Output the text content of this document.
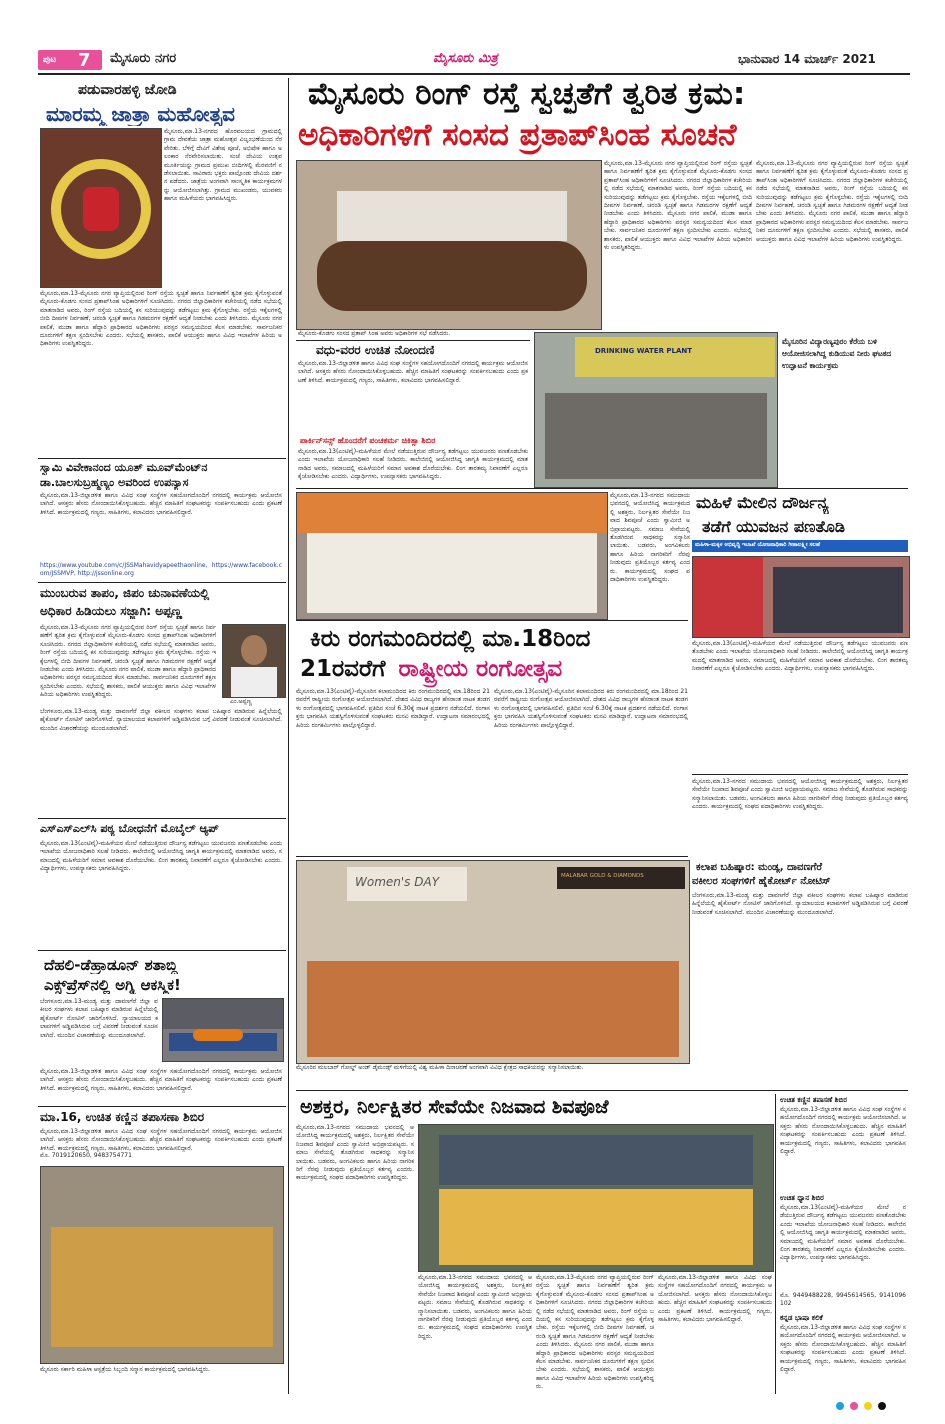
ಪುಟ 7 ಮೈಸೂರು ನಗರ	ಮೈಸೂರು ಮಿತ್ರ	ಭಾನುವಾರ 14 ಮಾರ್ಚ್ 2021
ಪಡುವಾರಹಳ್ಳಿ ಜೋಡಿ
ಮಾರಮ್ಮ ಜಾತ್ರಾ ಮಹೋತ್ಸವ
ಮೈಸೂರು,ಮಾ.13-ನಗರದ ಹೊರವಲಯದ ಗ್ರಾಮದಲ್ಲಿ ಗ್ರಾಮ ದೇವತೆಯ ಜಾತ್ರಾ ಮಹೋತ್ಸವ ವಿಜೃಂಭಣೆಯಿಂದ ನೆರವೇರಿತು. ಬೆಳಿಗ್ಗೆ ದೇವಿಗೆ ವಿಶೇಷ ಪೂಜೆ, ಅಭಿಷೇಕ ಹಾಗೂ ಅಲಂಕಾರ ನೆರವೇರಿಸಲಾಯಿತು. ಸಂಜೆ ದೇವಿಯ ಉತ್ಸವ ಮೂರ್ತಿಯನ್ನು ಗ್ರಾಮದ ಪ್ರಮುಖ ಬೀದಿಗಳಲ್ಲಿ ಮೆರವಣಿಗೆ ನಡೆಸಲಾಯಿತು. ಸಾವಿರಾರು ಭಕ್ತರು ಪಾಲ್ಗೊಂಡು ದೇವಿಯ ದರ್ಶನ ಪಡೆದರು. ಜಾತ್ರೆಯ ಅಂಗವಾಗಿ ಸಾಂಸ್ಕೃತಿಕ ಕಾರ್ಯಕ್ರಮಗಳನ್ನು ಆಯೋಜಿಸಲಾಗಿತ್ತು. ಗ್ರಾಮದ ಮುಖಂಡರು, ಯುವಕರು ಹಾಗೂ ಮಹಿಳೆಯರು ಭಾಗವಹಿಸಿದ್ದರು.
ಮೈಸೂರು,ಮಾ.13-ಮೈಸೂರು ನಗರ ವ್ಯಾಪ್ತಿಯಲ್ಲಿರುವ ರಿಂಗ್ ರಸ್ತೆಯ ಸ್ವಚ್ಛತೆ ಹಾಗೂ ನಿರ್ವಹಣೆಗೆ ತ್ವರಿತ ಕ್ರಮ ಕೈಗೊಳ್ಳುವಂತೆ ಮೈಸೂರು-ಕೊಡಗು ಸಂಸದ ಪ್ರತಾಪ್‌ಸಿಂಹ ಅಧಿಕಾರಿಗಳಿಗೆ ಸೂಚಿಸಿದರು. ನಗರದ ಜಿಲ್ಲಾಧಿಕಾರಿಗಳ ಕಚೇರಿಯಲ್ಲಿ ನಡೆದ ಸಭೆಯಲ್ಲಿ ಮಾತನಾಡಿದ ಅವರು, ರಿಂಗ್ ರಸ್ತೆಯ ಬದಿಯಲ್ಲಿ ಕಸ ಸುರಿಯುವುದನ್ನು ತಡೆಗಟ್ಟಲು ಕ್ರಮ ಕೈಗೊಳ್ಳಬೇಕು. ರಸ್ತೆಯ ಇಕ್ಕೆಲಗಳಲ್ಲಿ ಬೀದಿ ದೀಪಗಳ ನಿರ್ವಹಣೆ, ಚರಂಡಿ ಸ್ವಚ್ಛತೆ ಹಾಗೂ ಗಿಡಮರಗಳ ರಕ್ಷಣೆಗೆ ಆದ್ಯತೆ ನೀಡಬೇಕು ಎಂದು ತಿಳಿಸಿದರು. ಮೈಸೂರು ನಗರ ಪಾಲಿಕೆ, ಮುಡಾ ಹಾಗೂ ಹೆದ್ದಾರಿ ಪ್ರಾಧಿಕಾರದ ಅಧಿಕಾರಿಗಳು ಪರಸ್ಪರ ಸಮನ್ವಯದಿಂದ ಕೆಲಸ ಮಾಡಬೇಕು. ಸಾರ್ವಜನಿಕರ ದೂರುಗಳಿಗೆ ತಕ್ಷಣ ಸ್ಪಂದಿಸಬೇಕು ಎಂದರು. ಸಭೆಯಲ್ಲಿ ಶಾಸಕರು, ಪಾಲಿಕೆ ಆಯುಕ್ತರು ಹಾಗೂ ವಿವಿಧ ಇಲಾಖೆಗಳ ಹಿರಿಯ ಅಧಿಕಾರಿಗಳು ಉಪಸ್ಥಿತರಿದ್ದರು.
ಸ್ವಾಮಿ ವಿವೇಕಾನಂದ ಯೂತ್ ಮೂವ್‌ಮೆಂಟ್‌ನ
ಡಾ.ಬಾಲಸುಬ್ರಹ್ಮಣ್ಯಂ ಅವರಿಂದ ಉಪನ್ಯಾಸ
ಮೈಸೂರು,ಮಾ.13-ಜಿಲ್ಲಾಡಳಿತ ಹಾಗೂ ವಿವಿಧ ಸಂಘ ಸಂಸ್ಥೆಗಳ ಸಹಯೋಗದೊಂದಿಗೆ ನಗರದಲ್ಲಿ ಕಾರ್ಯಕ್ರಮ ಆಯೋಜಿಸಲಾಗಿದೆ. ಆಸಕ್ತರು ಹೆಸರು ನೋಂದಾಯಿಸಿಕೊಳ್ಳಬಹುದು. ಹೆಚ್ಚಿನ ಮಾಹಿತಿಗೆ ಸಂಘಟಕರನ್ನು ಸಂಪರ್ಕಿಸಬಹುದು ಎಂದು ಪ್ರಕಟಣೆ ತಿಳಿಸಿದೆ. ಕಾರ್ಯಕ್ರಮದಲ್ಲಿ ಗಣ್ಯರು, ಸಾಹಿತಿಗಳು, ಕಲಾವಿದರು ಭಾಗವಹಿಸಲಿದ್ದಾರೆ.
https://www.youtube.com/c/JSSMahavidyapeethaonline, https://www.facebook.com/JSSMVP, http://jssonline.org
ಮುಂಬರುವ ತಾಪಂ, ಜಿಪಂ ಚುನಾವಣೆಯಲ್ಲಿ
ಅಧಿಕಾರ ಹಿಡಿಯಲು ಸಜ್ಜಾಗಿ: ಅಪ್ಪಣ್ಣ
ಮೈಸೂರು,ಮಾ.13-ಮೈಸೂರು ನಗರ ವ್ಯಾಪ್ತಿಯಲ್ಲಿರುವ ರಿಂಗ್ ರಸ್ತೆಯ ಸ್ವಚ್ಛತೆ ಹಾಗೂ ನಿರ್ವಹಣೆಗೆ ತ್ವರಿತ ಕ್ರಮ ಕೈಗೊಳ್ಳುವಂತೆ ಮೈಸೂರು-ಕೊಡಗು ಸಂಸದ ಪ್ರತಾಪ್‌ಸಿಂಹ ಅಧಿಕಾರಿಗಳಿಗೆ ಸೂಚಿಸಿದರು. ನಗರದ ಜಿಲ್ಲಾಧಿಕಾರಿಗಳ ಕಚೇರಿಯಲ್ಲಿ ನಡೆದ ಸಭೆಯಲ್ಲಿ ಮಾತನಾಡಿದ ಅವರು, ರಿಂಗ್ ರಸ್ತೆಯ ಬದಿಯಲ್ಲಿ ಕಸ ಸುರಿಯುವುದನ್ನು ತಡೆಗಟ್ಟಲು ಕ್ರಮ ಕೈಗೊಳ್ಳಬೇಕು. ರಸ್ತೆಯ ಇಕ್ಕೆಲಗಳಲ್ಲಿ ಬೀದಿ ದೀಪಗಳ ನಿರ್ವಹಣೆ, ಚರಂಡಿ ಸ್ವಚ್ಛತೆ ಹಾಗೂ ಗಿಡಮರಗಳ ರಕ್ಷಣೆಗೆ ಆದ್ಯತೆ ನೀಡಬೇಕು ಎಂದು ತಿಳಿಸಿದರು. ಮೈಸೂರು ನಗರ ಪಾಲಿಕೆ, ಮುಡಾ ಹಾಗೂ ಹೆದ್ದಾರಿ ಪ್ರಾಧಿಕಾರದ ಅಧಿಕಾರಿಗಳು ಪರಸ್ಪರ ಸಮನ್ವಯದಿಂದ ಕೆಲಸ ಮಾಡಬೇಕು. ಸಾರ್ವಜನಿಕರ ದೂರುಗಳಿಗೆ ತಕ್ಷಣ ಸ್ಪಂದಿಸಬೇಕು ಎಂದರು. ಸಭೆಯಲ್ಲಿ ಶಾಸಕರು, ಪಾಲಿಕೆ ಆಯುಕ್ತರು ಹಾಗೂ ವಿವಿಧ ಇಲಾಖೆಗಳ ಹಿರಿಯ ಅಧಿಕಾರಿಗಳು ಉಪಸ್ಥಿತರಿದ್ದರು.
ಎಂ.ಅಪ್ಪಣ್ಣ
ಬೆಂಗಳೂರು,ಮಾ.13-ಮಂಡ್ಯ ಮತ್ತು ದಾವಣಗೆರೆ ಜಿಲ್ಲಾ ವಕೀಲರ ಸಂಘಗಳು ಕಲಾಪ ಬಹಿಷ್ಕಾರ ಮಾಡಿರುವ ಹಿನ್ನೆಲೆಯಲ್ಲಿ ಹೈಕೋರ್ಟ್ ನೋಟಿಸ್ ಜಾರಿಗೊಳಿಸಿದೆ. ನ್ಯಾಯಾಲಯದ ಕಲಾಪಗಳಿಗೆ ಅಡ್ಡಿಪಡಿಸಿರುವ ಬಗ್ಗೆ ವಿವರಣೆ ನೀಡುವಂತೆ ಸೂಚಿಸಲಾಗಿದೆ. ಮುಂದಿನ ವಿಚಾರಣೆಯನ್ನು ಮುಂದೂಡಲಾಗಿದೆ.
ಎಸ್‌ಎಸ್‌ಎಲ್‌ಸಿ ಪಠ್ಯ ಬೋಧನೆಗೆ ಮೊಬೈಲ್ ಆ್ಯಪ್
ಮೈಸೂರು,ಮಾ.13(ಎಂಟಿವೈ)-ಮಹಿಳೆಯರ ಮೇಲೆ ನಡೆಯುತ್ತಿರುವ ದೌರ್ಜನ್ಯ ತಡೆಗಟ್ಟಲು ಯುವಜನರು ಪಣತೊಡಬೇಕು ಎಂದು ಇಲಾಖೆಯ ಯೋಜನಾಧಿಕಾರಿ ಸಲಹೆ ನೀಡಿದರು. ಕಾಲೇಜಿನಲ್ಲಿ ಆಯೋಜಿಸಿದ್ದ ಜಾಗೃತಿ ಕಾರ್ಯಕ್ರಮದಲ್ಲಿ ಮಾತನಾಡಿದ ಅವರು, ಸಮಾಜದಲ್ಲಿ ಮಹಿಳೆಯರಿಗೆ ಸಮಾನ ಅವಕಾಶ ದೊರೆಯಬೇಕು. ಲಿಂಗ ತಾರತಮ್ಯ ನಿವಾರಣೆಗೆ ಎಲ್ಲರೂ ಕೈಜೋಡಿಸಬೇಕು ಎಂದರು. ವಿದ್ಯಾರ್ಥಿಗಳು, ಉಪನ್ಯಾಸಕರು ಭಾಗವಹಿಸಿದ್ದರು.
ದೆಹಲಿ-ಡೆಹ್ರಾಡೂನ್ ಶತಾಬ್ದಿ
ಎಕ್ಸ್‌ಪ್ರೆಸ್‌ನಲ್ಲಿ ಅಗ್ನಿ ಆಕಸ್ಮಿಕ!
ಬೆಂಗಳೂರು,ಮಾ.13-ಮಂಡ್ಯ ಮತ್ತು ದಾವಣಗೆರೆ ಜಿಲ್ಲಾ ವಕೀಲರ ಸಂಘಗಳು ಕಲಾಪ ಬಹಿಷ್ಕಾರ ಮಾಡಿರುವ ಹಿನ್ನೆಲೆಯಲ್ಲಿ ಹೈಕೋರ್ಟ್ ನೋಟಿಸ್ ಜಾರಿಗೊಳಿಸಿದೆ. ನ್ಯಾಯಾಲಯದ ಕಲಾಪಗಳಿಗೆ ಅಡ್ಡಿಪಡಿಸಿರುವ ಬಗ್ಗೆ ವಿವರಣೆ ನೀಡುವಂತೆ ಸೂಚಿಸಲಾಗಿದೆ. ಮುಂದಿನ ವಿಚಾರಣೆಯನ್ನು ಮುಂದೂಡಲಾಗಿದೆ.
ಮೈಸೂರು,ಮಾ.13-ಜಿಲ್ಲಾಡಳಿತ ಹಾಗೂ ವಿವಿಧ ಸಂಘ ಸಂಸ್ಥೆಗಳ ಸಹಯೋಗದೊಂದಿಗೆ ನಗರದಲ್ಲಿ ಕಾರ್ಯಕ್ರಮ ಆಯೋಜಿಸಲಾಗಿದೆ. ಆಸಕ್ತರು ಹೆಸರು ನೋಂದಾಯಿಸಿಕೊಳ್ಳಬಹುದು. ಹೆಚ್ಚಿನ ಮಾಹಿತಿಗೆ ಸಂಘಟಕರನ್ನು ಸಂಪರ್ಕಿಸಬಹುದು ಎಂದು ಪ್ರಕಟಣೆ ತಿಳಿಸಿದೆ. ಕಾರ್ಯಕ್ರಮದಲ್ಲಿ ಗಣ್ಯರು, ಸಾಹಿತಿಗಳು, ಕಲಾವಿದರು ಭಾಗವಹಿಸಲಿದ್ದಾರೆ.
ಮಾ.16, ಉಚಿತ ಕಣ್ಣಿನ ತಪಾಸಣಾ ಶಿಬಿರ
ಮೈಸೂರು,ಮಾ.13-ಜಿಲ್ಲಾಡಳಿತ ಹಾಗೂ ವಿವಿಧ ಸಂಘ ಸಂಸ್ಥೆಗಳ ಸಹಯೋಗದೊಂದಿಗೆ ನಗರದಲ್ಲಿ ಕಾರ್ಯಕ್ರಮ ಆಯೋಜಿಸಲಾಗಿದೆ. ಆಸಕ್ತರು ಹೆಸರು ನೋಂದಾಯಿಸಿಕೊಳ್ಳಬಹುದು. ಹೆಚ್ಚಿನ ಮಾಹಿತಿಗೆ ಸಂಘಟಕರನ್ನು ಸಂಪರ್ಕಿಸಬಹುದು ಎಂದು ಪ್ರಕಟಣೆ ತಿಳಿಸಿದೆ. ಕಾರ್ಯಕ್ರಮದಲ್ಲಿ ಗಣ್ಯರು, ಸಾಹಿತಿಗಳು, ಕಲಾವಿದರು ಭಾಗವಹಿಸಲಿದ್ದಾರೆ.
ಮೊ. 7019120650, 9483754771
ಮೈಸೂರು ಸರ್ಕಾರಿ ಮಹಿಳಾ ಆಸ್ಪತ್ರೆಯ ಸಿಬ್ಬಂದಿ ಸನ್ಮಾನ ಕಾರ್ಯಕ್ರಮದಲ್ಲಿ ಭಾಗವಹಿಸಿದ್ದರು.
ಮೈಸೂರು ರಿಂಗ್ ರಸ್ತೆ ಸ್ವಚ್ಛತೆಗೆ ತ್ವರಿತ ಕ್ರಮ:
ಅಧಿಕಾರಿಗಳಿಗೆ ಸಂಸದ ಪ್ರತಾಪ್‌ಸಿಂಹ ಸೂಚನೆ
ಮೈಸೂರು-ಕೊಡಗು ಸಂಸದ ಪ್ರತಾಪ್ ಸಿಂಹ ಅವರು ಅಧಿಕಾರಿಗಳ ಸಭೆ ನಡೆಸಿದರು.
ಮೈಸೂರು,ಮಾ.13-ಮೈಸೂರು ನಗರ ವ್ಯಾಪ್ತಿಯಲ್ಲಿರುವ ರಿಂಗ್ ರಸ್ತೆಯ ಸ್ವಚ್ಛತೆ ಹಾಗೂ ನಿರ್ವಹಣೆಗೆ ತ್ವರಿತ ಕ್ರಮ ಕೈಗೊಳ್ಳುವಂತೆ ಮೈಸೂರು-ಕೊಡಗು ಸಂಸದ ಪ್ರತಾಪ್‌ಸಿಂಹ ಅಧಿಕಾರಿಗಳಿಗೆ ಸೂಚಿಸಿದರು. ನಗರದ ಜಿಲ್ಲಾಧಿಕಾರಿಗಳ ಕಚೇರಿಯಲ್ಲಿ ನಡೆದ ಸಭೆಯಲ್ಲಿ ಮಾತನಾಡಿದ ಅವರು, ರಿಂಗ್ ರಸ್ತೆಯ ಬದಿಯಲ್ಲಿ ಕಸ ಸುರಿಯುವುದನ್ನು ತಡೆಗಟ್ಟಲು ಕ್ರಮ ಕೈಗೊಳ್ಳಬೇಕು. ರಸ್ತೆಯ ಇಕ್ಕೆಲಗಳಲ್ಲಿ ಬೀದಿ ದೀಪಗಳ ನಿರ್ವಹಣೆ, ಚರಂಡಿ ಸ್ವಚ್ಛತೆ ಹಾಗೂ ಗಿಡಮರಗಳ ರಕ್ಷಣೆಗೆ ಆದ್ಯತೆ ನೀಡಬೇಕು ಎಂದು ತಿಳಿಸಿದರು. ಮೈಸೂರು ನಗರ ಪಾಲಿಕೆ, ಮುಡಾ ಹಾಗೂ ಹೆದ್ದಾರಿ ಪ್ರಾಧಿಕಾರದ ಅಧಿಕಾರಿಗಳು ಪರಸ್ಪರ ಸಮನ್ವಯದಿಂದ ಕೆಲಸ ಮಾಡಬೇಕು. ಸಾರ್ವಜನಿಕರ ದೂರುಗಳಿಗೆ ತಕ್ಷಣ ಸ್ಪಂದಿಸಬೇಕು ಎಂದರು. ಸಭೆಯಲ್ಲಿ ಶಾಸಕರು, ಪಾಲಿಕೆ ಆಯುಕ್ತರು ಹಾಗೂ ವಿವಿಧ ಇಲಾಖೆಗಳ ಹಿರಿಯ ಅಧಿಕಾರಿಗಳು ಉಪಸ್ಥಿತರಿದ್ದರು.
ಮೈಸೂರು,ಮಾ.13-ಮೈಸೂರು ನಗರ ವ್ಯಾಪ್ತಿಯಲ್ಲಿರುವ ರಿಂಗ್ ರಸ್ತೆಯ ಸ್ವಚ್ಛತೆ ಹಾಗೂ ನಿರ್ವಹಣೆಗೆ ತ್ವರಿತ ಕ್ರಮ ಕೈಗೊಳ್ಳುವಂತೆ ಮೈಸೂರು-ಕೊಡಗು ಸಂಸದ ಪ್ರತಾಪ್‌ಸಿಂಹ ಅಧಿಕಾರಿಗಳಿಗೆ ಸೂಚಿಸಿದರು. ನಗರದ ಜಿಲ್ಲಾಧಿಕಾರಿಗಳ ಕಚೇರಿಯಲ್ಲಿ ನಡೆದ ಸಭೆಯಲ್ಲಿ ಮಾತನಾಡಿದ ಅವರು, ರಿಂಗ್ ರಸ್ತೆಯ ಬದಿಯಲ್ಲಿ ಕಸ ಸುರಿಯುವುದನ್ನು ತಡೆಗಟ್ಟಲು ಕ್ರಮ ಕೈಗೊಳ್ಳಬೇಕು. ರಸ್ತೆಯ ಇಕ್ಕೆಲಗಳಲ್ಲಿ ಬೀದಿ ದೀಪಗಳ ನಿರ್ವಹಣೆ, ಚರಂಡಿ ಸ್ವಚ್ಛತೆ ಹಾಗೂ ಗಿಡಮರಗಳ ರಕ್ಷಣೆಗೆ ಆದ್ಯತೆ ನೀಡಬೇಕು ಎಂದು ತಿಳಿಸಿದರು. ಮೈಸೂರು ನಗರ ಪಾಲಿಕೆ, ಮುಡಾ ಹಾಗೂ ಹೆದ್ದಾರಿ ಪ್ರಾಧಿಕಾರದ ಅಧಿಕಾರಿಗಳು ಪರಸ್ಪರ ಸಮನ್ವಯದಿಂದ ಕೆಲಸ ಮಾಡಬೇಕು. ಸಾರ್ವಜನಿಕರ ದೂರುಗಳಿಗೆ ತಕ್ಷಣ ಸ್ಪಂದಿಸಬೇಕು ಎಂದರು. ಸಭೆಯಲ್ಲಿ ಶಾಸಕರು, ಪಾಲಿಕೆ ಆಯುಕ್ತರು ಹಾಗೂ ವಿವಿಧ ಇಲಾಖೆಗಳ ಹಿರಿಯ ಅಧಿಕಾರಿಗಳು ಉಪಸ್ಥಿತರಿದ್ದರು.
ವಧು-ವರರ ಉಚಿತ ನೋಂದಣಿ
ಮೈಸೂರು,ಮಾ.13-ಜಿಲ್ಲಾಡಳಿತ ಹಾಗೂ ವಿವಿಧ ಸಂಘ ಸಂಸ್ಥೆಗಳ ಸಹಯೋಗದೊಂದಿಗೆ ನಗರದಲ್ಲಿ ಕಾರ್ಯಕ್ರಮ ಆಯೋಜಿಸಲಾಗಿದೆ. ಆಸಕ್ತರು ಹೆಸರು ನೋಂದಾಯಿಸಿಕೊಳ್ಳಬಹುದು. ಹೆಚ್ಚಿನ ಮಾಹಿತಿಗೆ ಸಂಘಟಕರನ್ನು ಸಂಪರ್ಕಿಸಬಹುದು ಎಂದು ಪ್ರಕಟಣೆ ತಿಳಿಸಿದೆ. ಕಾರ್ಯಕ್ರಮದಲ್ಲಿ ಗಣ್ಯರು, ಸಾಹಿತಿಗಳು, ಕಲಾವಿದರು ಭಾಗವಹಿಸಲಿದ್ದಾರೆ.
ಪಾರ್ಕಿನ್‌ಸನ್ಸ್ ಹೊಂದರೆಗೆ ಪಂಚಕರ್ಮ ಚಿಕಿತ್ಸಾ ಶಿಬಿರ
ಮೈಸೂರು,ಮಾ.13(ಎಂಟಿವೈ)-ಮಹಿಳೆಯರ ಮೇಲೆ ನಡೆಯುತ್ತಿರುವ ದೌರ್ಜನ್ಯ ತಡೆಗಟ್ಟಲು ಯುವಜನರು ಪಣತೊಡಬೇಕು ಎಂದು ಇಲಾಖೆಯ ಯೋಜನಾಧಿಕಾರಿ ಸಲಹೆ ನೀಡಿದರು. ಕಾಲೇಜಿನಲ್ಲಿ ಆಯೋಜಿಸಿದ್ದ ಜಾಗೃತಿ ಕಾರ್ಯಕ್ರಮದಲ್ಲಿ ಮಾತನಾಡಿದ ಅವರು, ಸಮಾಜದಲ್ಲಿ ಮಹಿಳೆಯರಿಗೆ ಸಮಾನ ಅವಕಾಶ ದೊರೆಯಬೇಕು. ಲಿಂಗ ತಾರತಮ್ಯ ನಿವಾರಣೆಗೆ ಎಲ್ಲರೂ ಕೈಜೋಡಿಸಬೇಕು ಎಂದರು. ವಿದ್ಯಾರ್ಥಿಗಳು, ಉಪನ್ಯಾಸಕರು ಭಾಗವಹಿಸಿದ್ದರು.
DRINKING WATER PLANT
ಮೈಸೂರಿನ ವಿದ್ಯಾರಣ್ಯಪುರಂ ಕೆರೆಯ ಬಳಿ ಆಯೋಜಿಸಲಾಗಿದ್ದ ಕುಡಿಯುವ ನೀರು ಘಟಕದ ಉದ್ಘಾಟನೆ ಕಾರ್ಯಕ್ರಮ
ಮೈಸೂರು,ಮಾ.13-ನಗರದ ಸಮುದಾಯ ಭವನದಲ್ಲಿ ಆಯೋಜಿಸಿದ್ದ ಕಾರ್ಯಕ್ರಮದಲ್ಲಿ ಅಶಕ್ತರು, ನಿರ್ಲಕ್ಷಿತರ ಸೇವೆಯೇ ನಿಜವಾದ ಶಿವಪೂಜೆ ಎಂದು ಸ್ವಾಮೀಜಿ ಅಭಿಪ್ರಾಯಪಟ್ಟರು. ಸಮಾಜ ಸೇವೆಯಲ್ಲಿ ತೊಡಗಿರುವ ಸಾಧಕರನ್ನು ಸನ್ಮಾನಿಸಲಾಯಿತು. ಬಡವರು, ಅಂಗವಿಕಲರು ಹಾಗೂ ಹಿರಿಯ ನಾಗರಿಕರಿಗೆ ನೆರವು ನೀಡುವುದು ಪ್ರತಿಯೊಬ್ಬರ ಕರ್ತವ್ಯ ಎಂದರು. ಕಾರ್ಯಕ್ರಮದಲ್ಲಿ ಸಂಘದ ಪದಾಧಿಕಾರಿಗಳು ಉಪಸ್ಥಿತರಿದ್ದರು.
ಮಹಿಳೆ ಮೇಲಿನ ದೌರ್ಜನ್ಯ
ತಡೆಗೆ ಯುವಜನ ಪಣತೊಡಿ
ಮಹಿಳಾ-ಮಕ್ಕಳ ಅಭಿವೃದ್ಧಿ ಇಲಾಖೆ ಯೋಜನಾಧಿಕಾರಿ ಗೀತಾಲಕ್ಷ್ಮೀ ಸಲಹೆ
ಮೈಸೂರು,ಮಾ.13(ಎಂಟಿವೈ)-ಮಹಿಳೆಯರ ಮೇಲೆ ನಡೆಯುತ್ತಿರುವ ದೌರ್ಜನ್ಯ ತಡೆಗಟ್ಟಲು ಯುವಜನರು ಪಣತೊಡಬೇಕು ಎಂದು ಇಲಾಖೆಯ ಯೋಜನಾಧಿಕಾರಿ ಸಲಹೆ ನೀಡಿದರು. ಕಾಲೇಜಿನಲ್ಲಿ ಆಯೋಜಿಸಿದ್ದ ಜಾಗೃತಿ ಕಾರ್ಯಕ್ರಮದಲ್ಲಿ ಮಾತನಾಡಿದ ಅವರು, ಸಮಾಜದಲ್ಲಿ ಮಹಿಳೆಯರಿಗೆ ಸಮಾನ ಅವಕಾಶ ದೊರೆಯಬೇಕು. ಲಿಂಗ ತಾರತಮ್ಯ ನಿವಾರಣೆಗೆ ಎಲ್ಲರೂ ಕೈಜೋಡಿಸಬೇಕು ಎಂದರು. ವಿದ್ಯಾರ್ಥಿಗಳು, ಉಪನ್ಯಾಸಕರು ಭಾಗವಹಿಸಿದ್ದರು.
ಕಿರು ರಂಗಮಂದಿರದಲ್ಲಿ ಮಾ.18ರಿಂದ
21ರವರೆಗೆ ರಾಷ್ಟ್ರೀಯ ರಂಗೋತ್ಸವ
ಮೈಸೂರು,ಮಾ.13(ಎಂಟಿವೈ)-ಮೈಸೂರಿನ ಕಲಾಮಂದಿರದ ಕಿರು ರಂಗಮಂದಿರದಲ್ಲಿ ಮಾ.18ರಿಂದ 21ರವರೆಗೆ ರಾಷ್ಟ್ರೀಯ ರಂಗೋತ್ಸವ ಆಯೋಜಿಸಲಾಗಿದೆ. ದೇಶದ ವಿವಿಧ ರಾಜ್ಯಗಳ ಹೆಸರಾಂತ ನಾಟಕ ತಂಡಗಳು ರಂಗೋತ್ಸವದಲ್ಲಿ ಭಾಗವಹಿಸಲಿವೆ. ಪ್ರತಿದಿನ ಸಂಜೆ 6.30ಕ್ಕೆ ನಾಟಕ ಪ್ರದರ್ಶನ ನಡೆಯಲಿದೆ. ರಂಗಾಸಕ್ತರು ಭಾಗವಹಿಸಿ ಯಶಸ್ವಿಗೊಳಿಸುವಂತೆ ಸಂಘಟಕರು ಮನವಿ ಮಾಡಿದ್ದಾರೆ. ಉದ್ಘಾಟನಾ ಸಮಾರಂಭದಲ್ಲಿ ಹಿರಿಯ ರಂಗಕರ್ಮಿಗಳು ಪಾಲ್ಗೊಳ್ಳಲಿದ್ದಾರೆ.
ಮೈಸೂರು,ಮಾ.13(ಎಂಟಿವೈ)-ಮೈಸೂರಿನ ಕಲಾಮಂದಿರದ ಕಿರು ರಂಗಮಂದಿರದಲ್ಲಿ ಮಾ.18ರಿಂದ 21ರವರೆಗೆ ರಾಷ್ಟ್ರೀಯ ರಂಗೋತ್ಸವ ಆಯೋಜಿಸಲಾಗಿದೆ. ದೇಶದ ವಿವಿಧ ರಾಜ್ಯಗಳ ಹೆಸರಾಂತ ನಾಟಕ ತಂಡಗಳು ರಂಗೋತ್ಸವದಲ್ಲಿ ಭಾಗವಹಿಸಲಿವೆ. ಪ್ರತಿದಿನ ಸಂಜೆ 6.30ಕ್ಕೆ ನಾಟಕ ಪ್ರದರ್ಶನ ನಡೆಯಲಿದೆ. ರಂಗಾಸಕ್ತರು ಭಾಗವಹಿಸಿ ಯಶಸ್ವಿಗೊಳಿಸುವಂತೆ ಸಂಘಟಕರು ಮನವಿ ಮಾಡಿದ್ದಾರೆ. ಉದ್ಘಾಟನಾ ಸಮಾರಂಭದಲ್ಲಿ ಹಿರಿಯ ರಂಗಕರ್ಮಿಗಳು ಪಾಲ್ಗೊಳ್ಳಲಿದ್ದಾರೆ.
ಮೈಸೂರು,ಮಾ.13-ನಗರದ ಸಮುದಾಯ ಭವನದಲ್ಲಿ ಆಯೋಜಿಸಿದ್ದ ಕಾರ್ಯಕ್ರಮದಲ್ಲಿ ಅಶಕ್ತರು, ನಿರ್ಲಕ್ಷಿತರ ಸೇವೆಯೇ ನಿಜವಾದ ಶಿವಪೂಜೆ ಎಂದು ಸ್ವಾಮೀಜಿ ಅಭಿಪ್ರಾಯಪಟ್ಟರು. ಸಮಾಜ ಸೇವೆಯಲ್ಲಿ ತೊಡಗಿರುವ ಸಾಧಕರನ್ನು ಸನ್ಮಾನಿಸಲಾಯಿತು. ಬಡವರು, ಅಂಗವಿಕಲರು ಹಾಗೂ ಹಿರಿಯ ನಾಗರಿಕರಿಗೆ ನೆರವು ನೀಡುವುದು ಪ್ರತಿಯೊಬ್ಬರ ಕರ್ತವ್ಯ ಎಂದರು. ಕಾರ್ಯಕ್ರಮದಲ್ಲಿ ಸಂಘದ ಪದಾಧಿಕಾರಿಗಳು ಉಪಸ್ಥಿತರಿದ್ದರು.
ಕಲಾಪ ಬಹಿಷ್ಕಾರ: ಮಂಡ್ಯ, ದಾವಣಗೆರೆ
ವಕೀಲರ ಸಂಘಗಳಿಗೆ ಹೈಕೋರ್ಟ್ ನೋಟಿಸ್
ಬೆಂಗಳೂರು,ಮಾ.13-ಮಂಡ್ಯ ಮತ್ತು ದಾವಣಗೆರೆ ಜಿಲ್ಲಾ ವಕೀಲರ ಸಂಘಗಳು ಕಲಾಪ ಬಹಿಷ್ಕಾರ ಮಾಡಿರುವ ಹಿನ್ನೆಲೆಯಲ್ಲಿ ಹೈಕೋರ್ಟ್ ನೋಟಿಸ್ ಜಾರಿಗೊಳಿಸಿದೆ. ನ್ಯಾಯಾಲಯದ ಕಲಾಪಗಳಿಗೆ ಅಡ್ಡಿಪಡಿಸಿರುವ ಬಗ್ಗೆ ವಿವರಣೆ ನೀಡುವಂತೆ ಸೂಚಿಸಲಾಗಿದೆ. ಮುಂದಿನ ವಿಚಾರಣೆಯನ್ನು ಮುಂದೂಡಲಾಗಿದೆ.
Women's DAY	MALABAR GOLD & DIAMONDS
ಮೈಸೂರಿನ ಮಲಬಾರ್ ಗೋಲ್ಡ್ ಅಂಡ್ ಡೈಮಂಡ್ಸ್ ಮಳಿಗೆಯಲ್ಲಿ ವಿಶ್ವ ಮಹಿಳಾ ದಿನಾಚರಣೆ ಅಂಗವಾಗಿ ವಿವಿಧ ಕ್ಷೇತ್ರದ ಸಾಧಕಿಯರನ್ನು ಸನ್ಮಾನಿಸಲಾಯಿತು.
ಅಶಕ್ತರ, ನಿರ್ಲಕ್ಷಿತರ ಸೇವೆಯೇ ನಿಜವಾದ ಶಿವಪೂಜೆ
ಮೈಸೂರು,ಮಾ.13-ನಗರದ ಸಮುದಾಯ ಭವನದಲ್ಲಿ ಆಯೋಜಿಸಿದ್ದ ಕಾರ್ಯಕ್ರಮದಲ್ಲಿ ಅಶಕ್ತರು, ನಿರ್ಲಕ್ಷಿತರ ಸೇವೆಯೇ ನಿಜವಾದ ಶಿವಪೂಜೆ ಎಂದು ಸ್ವಾಮೀಜಿ ಅಭಿಪ್ರಾಯಪಟ್ಟರು. ಸಮಾಜ ಸೇವೆಯಲ್ಲಿ ತೊಡಗಿರುವ ಸಾಧಕರನ್ನು ಸನ್ಮಾನಿಸಲಾಯಿತು. ಬಡವರು, ಅಂಗವಿಕಲರು ಹಾಗೂ ಹಿರಿಯ ನಾಗರಿಕರಿಗೆ ನೆರವು ನೀಡುವುದು ಪ್ರತಿಯೊಬ್ಬರ ಕರ್ತವ್ಯ ಎಂದರು. ಕಾರ್ಯಕ್ರಮದಲ್ಲಿ ಸಂಘದ ಪದಾಧಿಕಾರಿಗಳು ಉಪಸ್ಥಿತರಿದ್ದರು.
ಮೈಸೂರು,ಮಾ.13-ನಗರದ ಸಮುದಾಯ ಭವನದಲ್ಲಿ ಆಯೋಜಿಸಿದ್ದ ಕಾರ್ಯಕ್ರಮದಲ್ಲಿ ಅಶಕ್ತರು, ನಿರ್ಲಕ್ಷಿತರ ಸೇವೆಯೇ ನಿಜವಾದ ಶಿವಪೂಜೆ ಎಂದು ಸ್ವಾಮೀಜಿ ಅಭಿಪ್ರಾಯಪಟ್ಟರು. ಸಮಾಜ ಸೇವೆಯಲ್ಲಿ ತೊಡಗಿರುವ ಸಾಧಕರನ್ನು ಸನ್ಮಾನಿಸಲಾಯಿತು. ಬಡವರು, ಅಂಗವಿಕಲರು ಹಾಗೂ ಹಿರಿಯ ನಾಗರಿಕರಿಗೆ ನೆರವು ನೀಡುವುದು ಪ್ರತಿಯೊಬ್ಬರ ಕರ್ತವ್ಯ ಎಂದರು. ಕಾರ್ಯಕ್ರಮದಲ್ಲಿ ಸಂಘದ ಪದಾಧಿಕಾರಿಗಳು ಉಪಸ್ಥಿತರಿದ್ದರು.
ಮೈಸೂರು,ಮಾ.13-ಮೈಸೂರು ನಗರ ವ್ಯಾಪ್ತಿಯಲ್ಲಿರುವ ರಿಂಗ್ ರಸ್ತೆಯ ಸ್ವಚ್ಛತೆ ಹಾಗೂ ನಿರ್ವಹಣೆಗೆ ತ್ವರಿತ ಕ್ರಮ ಕೈಗೊಳ್ಳುವಂತೆ ಮೈಸೂರು-ಕೊಡಗು ಸಂಸದ ಪ್ರತಾಪ್‌ಸಿಂಹ ಅಧಿಕಾರಿಗಳಿಗೆ ಸೂಚಿಸಿದರು. ನಗರದ ಜಿಲ್ಲಾಧಿಕಾರಿಗಳ ಕಚೇರಿಯಲ್ಲಿ ನಡೆದ ಸಭೆಯಲ್ಲಿ ಮಾತನಾಡಿದ ಅವರು, ರಿಂಗ್ ರಸ್ತೆಯ ಬದಿಯಲ್ಲಿ ಕಸ ಸುರಿಯುವುದನ್ನು ತಡೆಗಟ್ಟಲು ಕ್ರಮ ಕೈಗೊಳ್ಳಬೇಕು. ರಸ್ತೆಯ ಇಕ್ಕೆಲಗಳಲ್ಲಿ ಬೀದಿ ದೀಪಗಳ ನಿರ್ವಹಣೆ, ಚರಂಡಿ ಸ್ವಚ್ಛತೆ ಹಾಗೂ ಗಿಡಮರಗಳ ರಕ್ಷಣೆಗೆ ಆದ್ಯತೆ ನೀಡಬೇಕು ಎಂದು ತಿಳಿಸಿದರು. ಮೈಸೂರು ನಗರ ಪಾಲಿಕೆ, ಮುಡಾ ಹಾಗೂ ಹೆದ್ದಾರಿ ಪ್ರಾಧಿಕಾರದ ಅಧಿಕಾರಿಗಳು ಪರಸ್ಪರ ಸಮನ್ವಯದಿಂದ ಕೆಲಸ ಮಾಡಬೇಕು. ಸಾರ್ವಜನಿಕರ ದೂರುಗಳಿಗೆ ತಕ್ಷಣ ಸ್ಪಂದಿಸಬೇಕು ಎಂದರು. ಸಭೆಯಲ್ಲಿ ಶಾಸಕರು, ಪಾಲಿಕೆ ಆಯುಕ್ತರು ಹಾಗೂ ವಿವಿಧ ಇಲಾಖೆಗಳ ಹಿರಿಯ ಅಧಿಕಾರಿಗಳು ಉಪಸ್ಥಿತರಿದ್ದರು.
ಮೈಸೂರು,ಮಾ.13-ಜಿಲ್ಲಾಡಳಿತ ಹಾಗೂ ವಿವಿಧ ಸಂಘ ಸಂಸ್ಥೆಗಳ ಸಹಯೋಗದೊಂದಿಗೆ ನಗರದಲ್ಲಿ ಕಾರ್ಯಕ್ರಮ ಆಯೋಜಿಸಲಾಗಿದೆ. ಆಸಕ್ತರು ಹೆಸರು ನೋಂದಾಯಿಸಿಕೊಳ್ಳಬಹುದು. ಹೆಚ್ಚಿನ ಮಾಹಿತಿಗೆ ಸಂಘಟಕರನ್ನು ಸಂಪರ್ಕಿಸಬಹುದು ಎಂದು ಪ್ರಕಟಣೆ ತಿಳಿಸಿದೆ. ಕಾರ್ಯಕ್ರಮದಲ್ಲಿ ಗಣ್ಯರು, ಸಾಹಿತಿಗಳು, ಕಲಾವಿದರು ಭಾಗವಹಿಸಲಿದ್ದಾರೆ.
ಉಚಿತ ಕಣ್ಣಿನ ತಪಾಸಣೆ ಶಿಬಿರ
ಮೈಸೂರು,ಮಾ.13-ಜಿಲ್ಲಾಡಳಿತ ಹಾಗೂ ವಿವಿಧ ಸಂಘ ಸಂಸ್ಥೆಗಳ ಸಹಯೋಗದೊಂದಿಗೆ ನಗರದಲ್ಲಿ ಕಾರ್ಯಕ್ರಮ ಆಯೋಜಿಸಲಾಗಿದೆ. ಆಸಕ್ತರು ಹೆಸರು ನೋಂದಾಯಿಸಿಕೊಳ್ಳಬಹುದು. ಹೆಚ್ಚಿನ ಮಾಹಿತಿಗೆ ಸಂಘಟಕರನ್ನು ಸಂಪರ್ಕಿಸಬಹುದು ಎಂದು ಪ್ರಕಟಣೆ ತಿಳಿಸಿದೆ. ಕಾರ್ಯಕ್ರಮದಲ್ಲಿ ಗಣ್ಯರು, ಸಾಹಿತಿಗಳು, ಕಲಾವಿದರು ಭಾಗವಹಿಸಲಿದ್ದಾರೆ.
ಉಚಿತ ಧ್ಯಾನ ಶಿಬಿರ
ಮೈಸೂರು,ಮಾ.13(ಎಂಟಿವೈ)-ಮಹಿಳೆಯರ ಮೇಲೆ ನಡೆಯುತ್ತಿರುವ ದೌರ್ಜನ್ಯ ತಡೆಗಟ್ಟಲು ಯುವಜನರು ಪಣತೊಡಬೇಕು ಎಂದು ಇಲಾಖೆಯ ಯೋಜನಾಧಿಕಾರಿ ಸಲಹೆ ನೀಡಿದರು. ಕಾಲೇಜಿನಲ್ಲಿ ಆಯೋಜಿಸಿದ್ದ ಜಾಗೃತಿ ಕಾರ್ಯಕ್ರಮದಲ್ಲಿ ಮಾತನಾಡಿದ ಅವರು, ಸಮಾಜದಲ್ಲಿ ಮಹಿಳೆಯರಿಗೆ ಸಮಾನ ಅವಕಾಶ ದೊರೆಯಬೇಕು. ಲಿಂಗ ತಾರತಮ್ಯ ನಿವಾರಣೆಗೆ ಎಲ್ಲರೂ ಕೈಜೋಡಿಸಬೇಕು ಎಂದರು. ವಿದ್ಯಾರ್ಥಿಗಳು, ಉಪನ್ಯಾಸಕರು ಭಾಗವಹಿಸಿದ್ದರು.
ಮೊ. 9449488228, 9945614565, 9141096102
ಕನ್ನಡ ಭಾಷಾ ಕಲಿಕೆ
ಮೈಸೂರು,ಮಾ.13-ಜಿಲ್ಲಾಡಳಿತ ಹಾಗೂ ವಿವಿಧ ಸಂಘ ಸಂಸ್ಥೆಗಳ ಸಹಯೋಗದೊಂದಿಗೆ ನಗರದಲ್ಲಿ ಕಾರ್ಯಕ್ರಮ ಆಯೋಜಿಸಲಾಗಿದೆ. ಆಸಕ್ತರು ಹೆಸರು ನೋಂದಾಯಿಸಿಕೊಳ್ಳಬಹುದು. ಹೆಚ್ಚಿನ ಮಾಹಿತಿಗೆ ಸಂಘಟಕರನ್ನು ಸಂಪರ್ಕಿಸಬಹುದು ಎಂದು ಪ್ರಕಟಣೆ ತಿಳಿಸಿದೆ. ಕಾರ್ಯಕ್ರಮದಲ್ಲಿ ಗಣ್ಯರು, ಸಾಹಿತಿಗಳು, ಕಲಾವಿದರು ಭಾಗವಹಿಸಲಿದ್ದಾರೆ.
